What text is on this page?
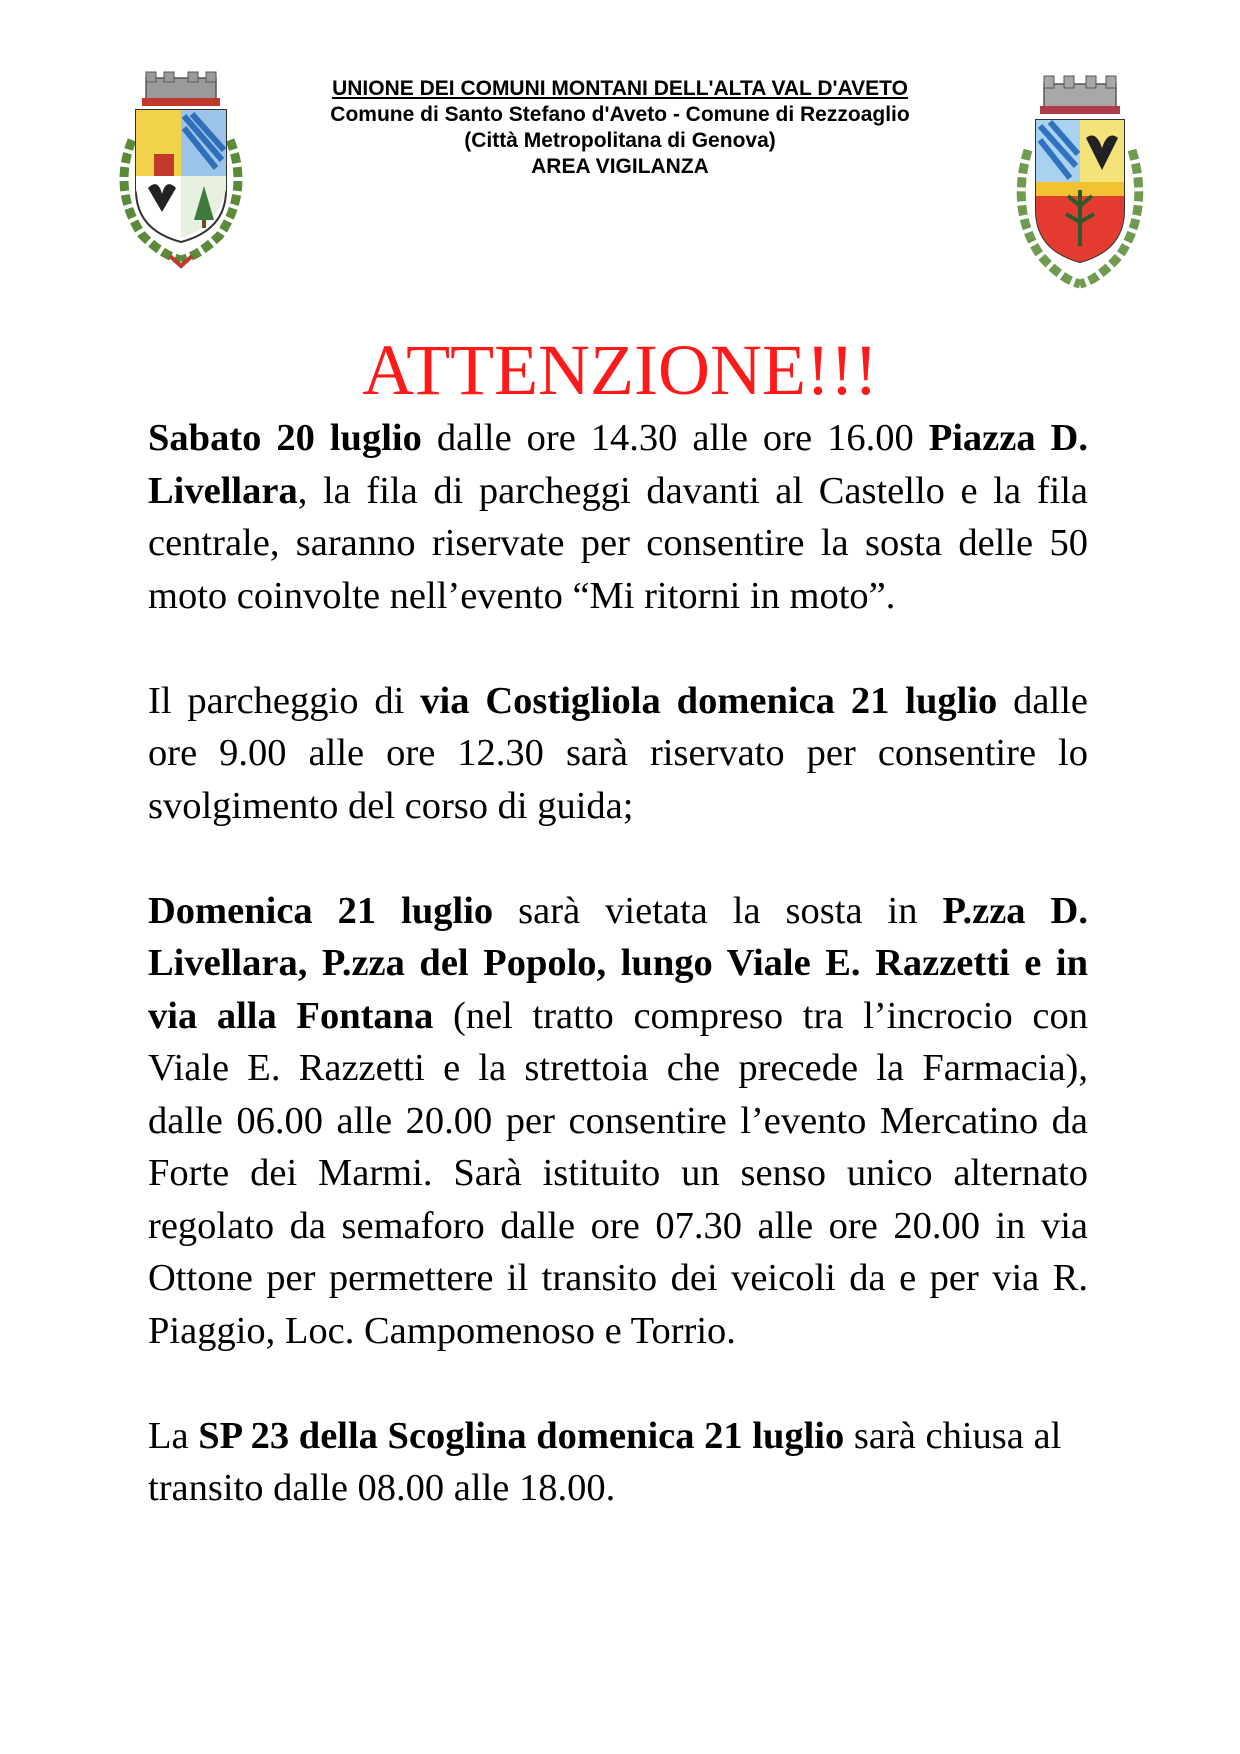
UNIONE DEI COMUNI MONTANI DELL'ALTA VAL D'AVETO
Comune di Santo Stefano d'Aveto - Comune di Rezzoaglio
(Città Metropolitana di Genova)
AREA VIGILANZA
ATTENZIONE!!!

Sabato 20 luglio dalle ore 14.30 alle ore 16.00 Piazza D. Livellara, la fila di parcheggi davanti al Castello e la fila centrale, saranno riservate per consentire la sosta delle 50 moto coinvolte nell’evento “Mi ritorni in moto”.

Il parcheggio di via Costigliola domenica 21 luglio dalle ore 9.00 alle ore 12.30 sarà riservato per consentire lo svolgimento del corso di guida;

Domenica 21 luglio sarà vietata la sosta in P.zza D. Livellara, P.zza del Popolo, lungo Viale E. Razzetti e in via alla Fontana (nel tratto compreso tra l’incrocio con Viale E. Razzetti e la strettoia che precede la Farmacia), dalle 06.00 alle 20.00 per consentire l’evento Mercatino da Forte dei Marmi. Sarà istituito un senso unico alternato regolato da semaforo dalle ore 07.30 alle ore 20.00 in via Ottone per permettere il transito dei veicoli da e per via R. Piaggio, Loc. Campomenoso e Torrio.

La SP 23 della Scoglina domenica 21 luglio sarà chiusa al transito dalle 08.00 alle 18.00.
